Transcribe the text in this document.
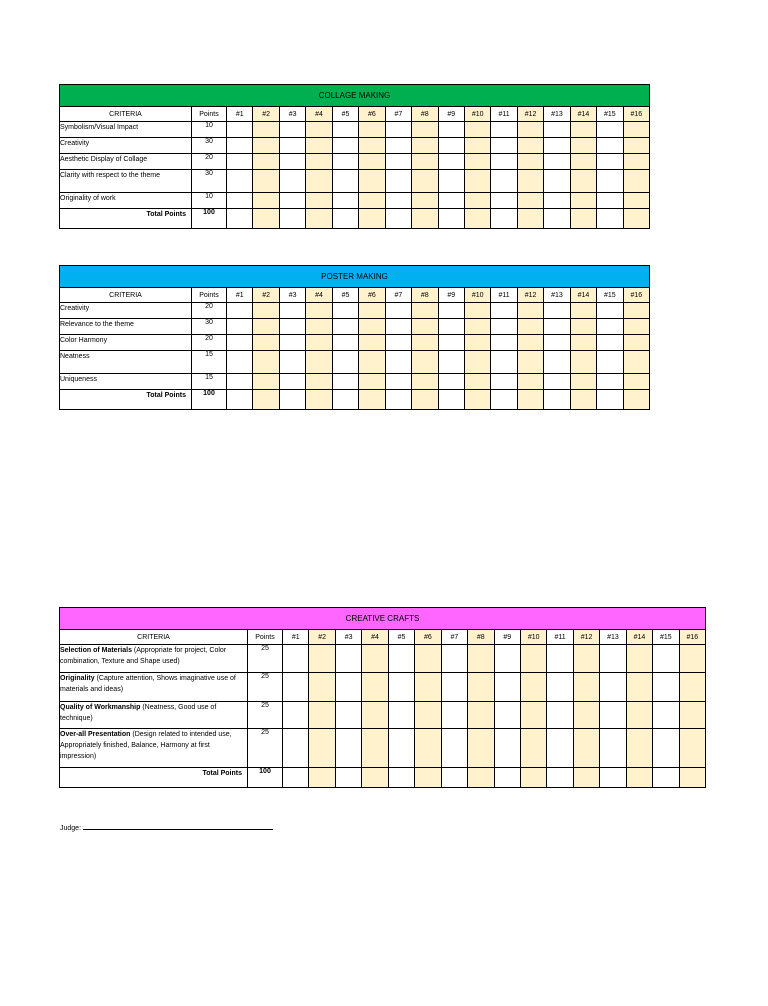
COLLAGE MAKING																	
CRITERIA	Points	#1	#2	#3	#4	#5	#6	#7	#8	#9	#10	#11	#12	#13	#14	#15	#16
Symbolism/Visual Impact	10																
Creativity	30																
Aesthetic Display of Collage	20																
Clarity with respect to the theme	30																
Originality of work	10																
Total Points	100																
POSTER MAKING																	
CRITERIA	Points	#1	#2	#3	#4	#5	#6	#7	#8	#9	#10	#11	#12	#13	#14	#15	#16
Creativity	20																
Relevance to the theme	30																
Color Harmony	20																
Neatness	15																
Uniqueness	15																
Total Points	100																
CREATIVE CRAFTS																	
CRITERIA	Points	#1	#2	#3	#4	#5	#6	#7	#8	#9	#10	#11	#12	#13	#14	#15	#16
Selection of Materials (Appropriate for project, Color combination, Texture and Shape used)	25																
Originality (Capture attention, Shows imaginative use of materials and ideas)	25																
Quality of Workmanship (Neatness, Good use of technique)	25																
Over-all Presentation (Design related to intended use, Appropriately finished, Balance, Harmony at first impression)	25																
Total Points	100																
Judge:
